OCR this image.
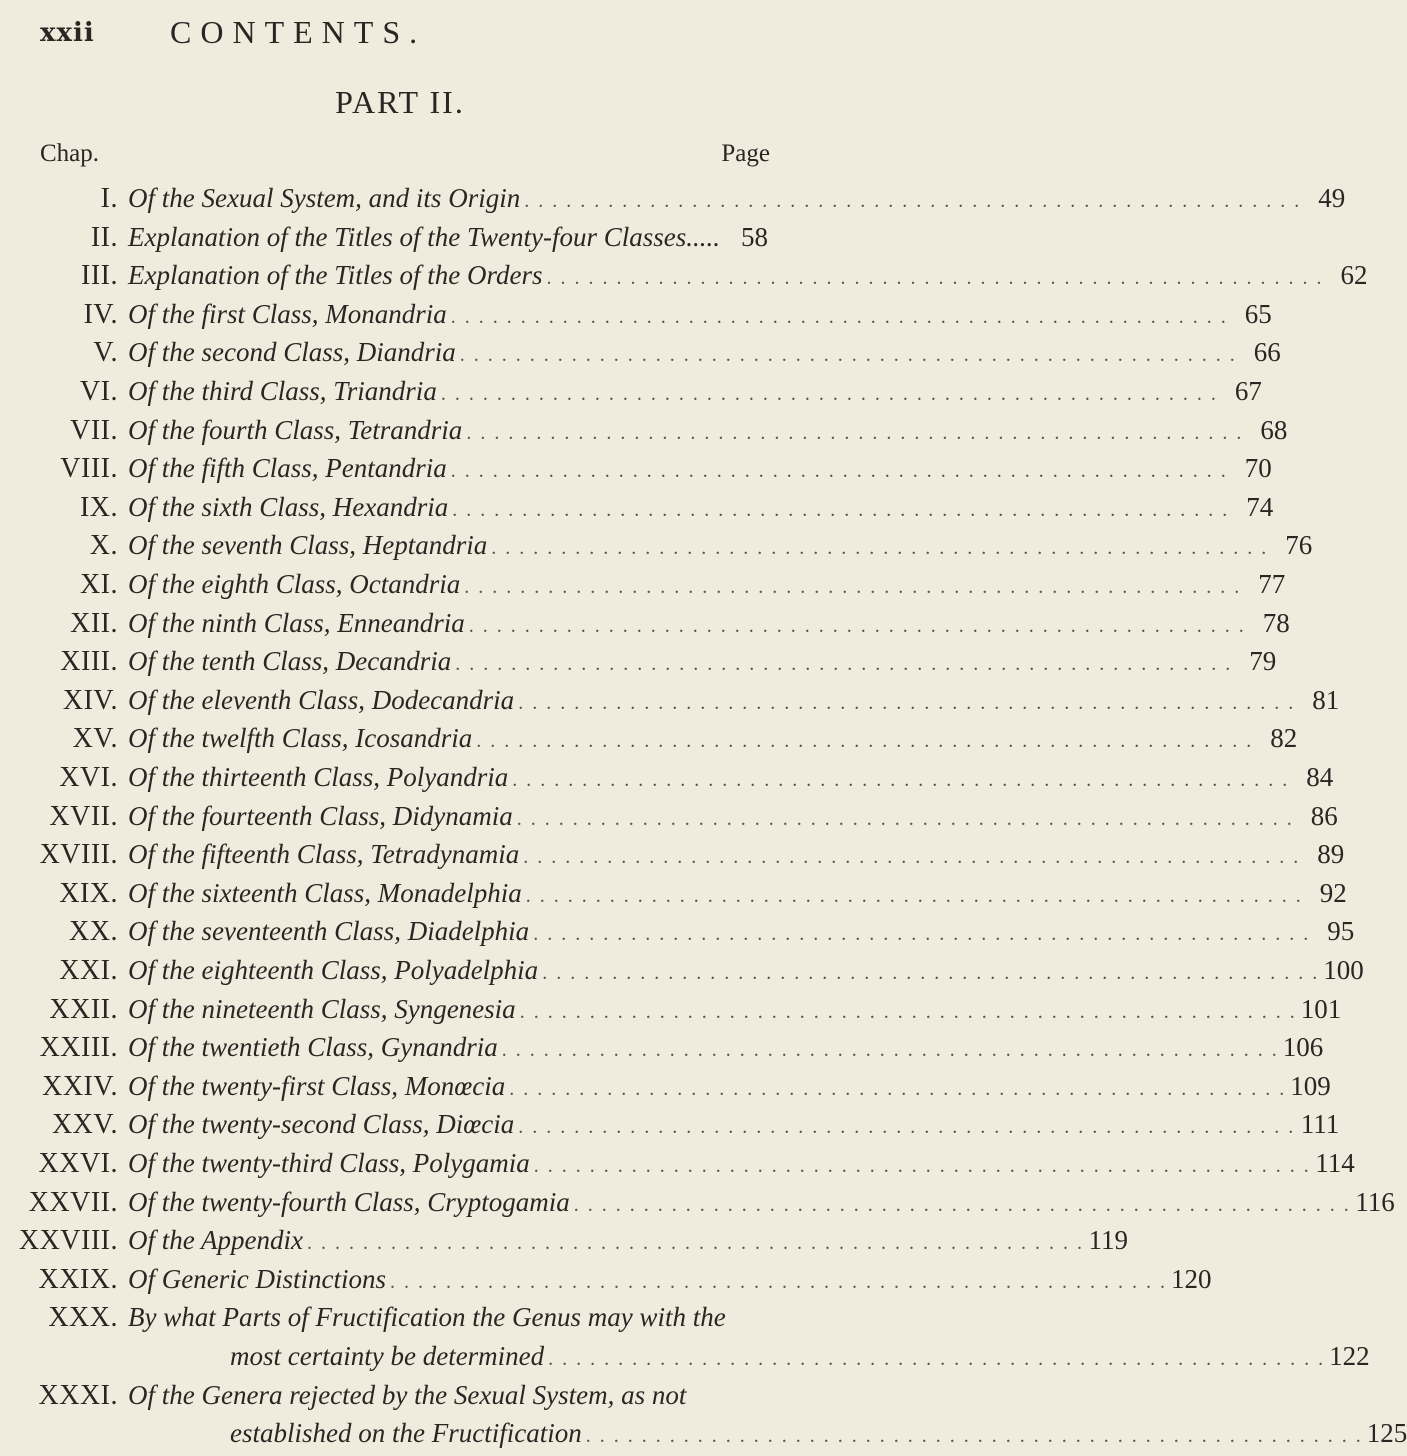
xxii CONTENTS.
PART II.
Chap.	Page
I. Of the Sexual System, and its Origin . . . . . . . . . . . . . . . . . . . . . . . . . . . . . . . . . . . . . . . . . . . . . . . . . . . . . . . . 49
II. Explanation of the Titles of the Twenty-four Classes..... 58
III. Explanation of the Titles of the Orders . . . . . . . . . . . . . . . . . . . . . . . . . . . . . . . . . . . . . . . . . . . . . . . . . . . . . . . . 62
IV. Of the first Class, Monandria . . . . . . . . . . . . . . . . . . . . . . . . . . . . . . . . . . . . . . . . . . . . . . . . . . . . . . . . 65
V. Of the second Class, Diandria . . . . . . . . . . . . . . . . . . . . . . . . . . . . . . . . . . . . . . . . . . . . . . . . . . . . . . . . 66
VI. Of the third Class, Triandria . . . . . . . . . . . . . . . . . . . . . . . . . . . . . . . . . . . . . . . . . . . . . . . . . . . . . . . . 67
VII. Of the fourth Class, Tetrandria . . . . . . . . . . . . . . . . . . . . . . . . . . . . . . . . . . . . . . . . . . . . . . . . . . . . . . . . 68
VIII. Of the fifth Class, Pentandria . . . . . . . . . . . . . . . . . . . . . . . . . . . . . . . . . . . . . . . . . . . . . . . . . . . . . . . . 70
IX. Of the sixth Class, Hexandria . . . . . . . . . . . . . . . . . . . . . . . . . . . . . . . . . . . . . . . . . . . . . . . . . . . . . . . . 74
X. Of the seventh Class, Heptandria . . . . . . . . . . . . . . . . . . . . . . . . . . . . . . . . . . . . . . . . . . . . . . . . . . . . . . . . 76
XI. Of the eighth Class, Octandria . . . . . . . . . . . . . . . . . . . . . . . . . . . . . . . . . . . . . . . . . . . . . . . . . . . . . . . . 77
XII. Of the ninth Class, Enneandria . . . . . . . . . . . . . . . . . . . . . . . . . . . . . . . . . . . . . . . . . . . . . . . . . . . . . . . . 78
XIII. Of the tenth Class, Decandria . . . . . . . . . . . . . . . . . . . . . . . . . . . . . . . . . . . . . . . . . . . . . . . . . . . . . . . . 79
XIV. Of the eleventh Class, Dodecandria . . . . . . . . . . . . . . . . . . . . . . . . . . . . . . . . . . . . . . . . . . . . . . . . . . . . . . . . 81
XV. Of the twelfth Class, Icosandria . . . . . . . . . . . . . . . . . . . . . . . . . . . . . . . . . . . . . . . . . . . . . . . . . . . . . . . . 82
XVI. Of the thirteenth Class, Polyandria . . . . . . . . . . . . . . . . . . . . . . . . . . . . . . . . . . . . . . . . . . . . . . . . . . . . . . . . 84
XVII. Of the fourteenth Class, Didynamia . . . . . . . . . . . . . . . . . . . . . . . . . . . . . . . . . . . . . . . . . . . . . . . . . . . . . . . . 86
XVIII. Of the fifteenth Class, Tetradynamia . . . . . . . . . . . . . . . . . . . . . . . . . . . . . . . . . . . . . . . . . . . . . . . . . . . . . . . . 89
XIX. Of the sixteenth Class, Monadelphia . . . . . . . . . . . . . . . . . . . . . . . . . . . . . . . . . . . . . . . . . . . . . . . . . . . . . . . . 92
XX. Of the seventeenth Class, Diadelphia . . . . . . . . . . . . . . . . . . . . . . . . . . . . . . . . . . . . . . . . . . . . . . . . . . . . . . . . 95
XXI. Of the eighteenth Class, Polyadelphia . . . . . . . . . . . . . . . . . . . . . . . . . . . . . . . . . . . . . . . . . . . . . . . . . . . . . . . . 100
XXII. Of the nineteenth Class, Syngenesia . . . . . . . . . . . . . . . . . . . . . . . . . . . . . . . . . . . . . . . . . . . . . . . . . . . . . . . . 101
XXIII. Of the twentieth Class, Gynandria . . . . . . . . . . . . . . . . . . . . . . . . . . . . . . . . . . . . . . . . . . . . . . . . . . . . . . . . 106
XXIV. Of the twenty-first Class, Monœcia . . . . . . . . . . . . . . . . . . . . . . . . . . . . . . . . . . . . . . . . . . . . . . . . . . . . . . . . 109
XXV. Of the twenty-second Class, Diœcia . . . . . . . . . . . . . . . . . . . . . . . . . . . . . . . . . . . . . . . . . . . . . . . . . . . . . . . . 111
XXVI. Of the twenty-third Class, Polygamia . . . . . . . . . . . . . . . . . . . . . . . . . . . . . . . . . . . . . . . . . . . . . . . . . . . . . . . . 114
XXVII. Of the twenty-fourth Class, Cryptogamia . . . . . . . . . . . . . . . . . . . . . . . . . . . . . . . . . . . . . . . . . . . . . . . . . . . . . . . . 116
XXVIII. Of the Appendix . . . . . . . . . . . . . . . . . . . . . . . . . . . . . . . . . . . . . . . . . . . . . . . . . . . . . . . . 119
XXIX. Of Generic Distinctions . . . . . . . . . . . . . . . . . . . . . . . . . . . . . . . . . . . . . . . . . . . . . . . . . . . . . . . . 120
XXX. By what Parts of Fructification the Genus may with the
most certainty be determined . . . . . . . . . . . . . . . . . . . . . . . . . . . . . . . . . . . . . . . . . . . . . . . . . . . . . . . . 122
XXXI. Of the Genera rejected by the Sexual System, as not
established on the Fructification . . . . . . . . . . . . . . . . . . . . . . . . . . . . . . . . . . . . . . . . . . . . . . . . . . . . . . . . 125
